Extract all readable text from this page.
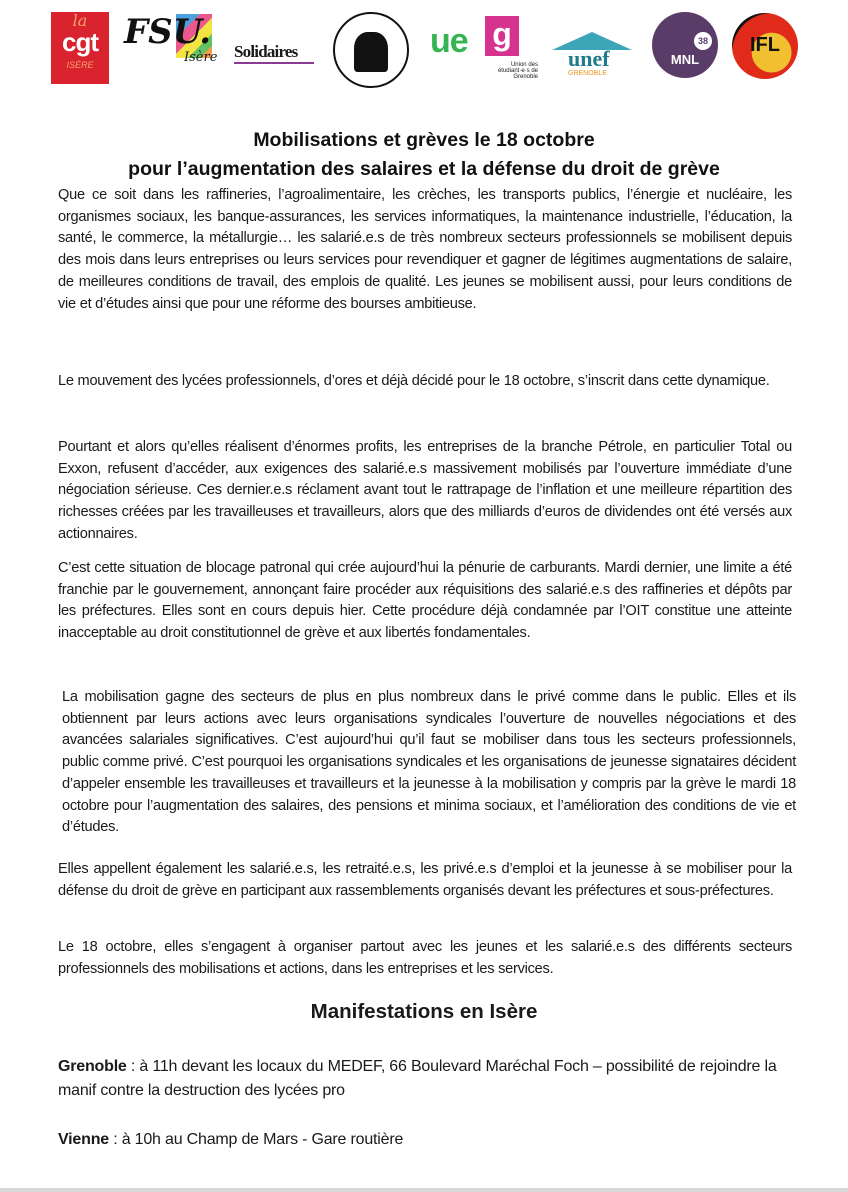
la
cgt
ISÈRE
FSU.
Isère Solidaires	ue g
Union des étudiant·e·s de Grenoble
unef
GRENOBLE
MNL
38	IFL
Mobilisations et grèves le 18 octobre
pour l’augmentation des salaires et la défense du droit de grève

Que ce soit dans les raffineries, l’agroalimentaire, les crèches, les transports publics, l’énergie et nucléaire, les organismes sociaux, les banque-assurances, les services informatiques, la maintenance industrielle, l’éducation, la santé, le commerce, la métallurgie… les salarié.e.s de très nombreux secteurs professionnels se mobilisent depuis des mois dans leurs entreprises ou leurs services pour revendiquer et gagner de légitimes augmentations de salaire, de meilleures conditions de travail, des emplois de qualité. Les jeunes se mobilisent aussi, pour leurs conditions de vie et d’études ainsi que pour une réforme des bourses ambitieuse.

Le mouvement des lycées professionnels, d’ores et déjà décidé pour le 18 octobre, s’inscrit dans cette dynamique.

Pourtant et alors qu’elles réalisent d’énormes profits, les entreprises de la branche Pétrole, en particulier Total ou Exxon, refusent d’accéder, aux exigences des salarié.e.s massivement mobilisés par l’ouverture immédiate d’une négociation sérieuse. Ces dernier.e.s réclament avant tout le rattrapage de l’inflation et une meilleure répartition des richesses créées par les travailleuses et travailleurs, alors que des milliards d’euros de dividendes ont été versés aux actionnaires.

C’est cette situation de blocage patronal qui crée aujourd’hui la pénurie de carburants. Mardi dernier, une limite a été franchie par le gouvernement, annonçant faire procéder aux réquisitions des salarié.e.s des raffineries et dépôts par les préfectures. Elles sont en cours depuis hier. Cette procédure déjà condamnée par l’OIT constitue une atteinte inacceptable au droit constitutionnel de grève et aux libertés fondamentales.

La mobilisation gagne des secteurs de plus en plus nombreux dans le privé comme dans le public. Elles et ils obtiennent par leurs actions avec leurs organisations syndicales l’ouverture de nouvelles négociations et des avancées salariales significatives. C’est aujourd’hui qu’il faut se mobiliser dans tous les secteurs professionnels, public comme privé. C’est pourquoi les organisations syndicales et les organisations de jeunesse signataires décident d’appeler ensemble les travailleuses et travailleurs et la jeunesse à la mobilisation y compris par la grève le mardi 18 octobre pour l’augmentation des salaires, des pensions et minima sociaux, et l’amélioration des conditions de vie et d’études.

Elles appellent également les salarié.e.s, les retraité.e.s, les privé.e.s d’emploi et la jeunesse à se mobiliser pour la défense du droit de grève en participant aux rassemblements organisés devant les préfectures et sous-préfectures.

Le 18 octobre, elles s’engagent à organiser partout avec les jeunes et les salarié.e.s des différents secteurs professionnels des mobilisations et actions, dans les entreprises et les services.

Manifestations en Isère

Grenoble : à 11h devant les locaux du MEDEF, 66 Boulevard Maréchal Foch – possibilité de rejoindre la manif contre la destruction des lycées pro

Vienne : à 10h au Champ de Mars - Gare routière
